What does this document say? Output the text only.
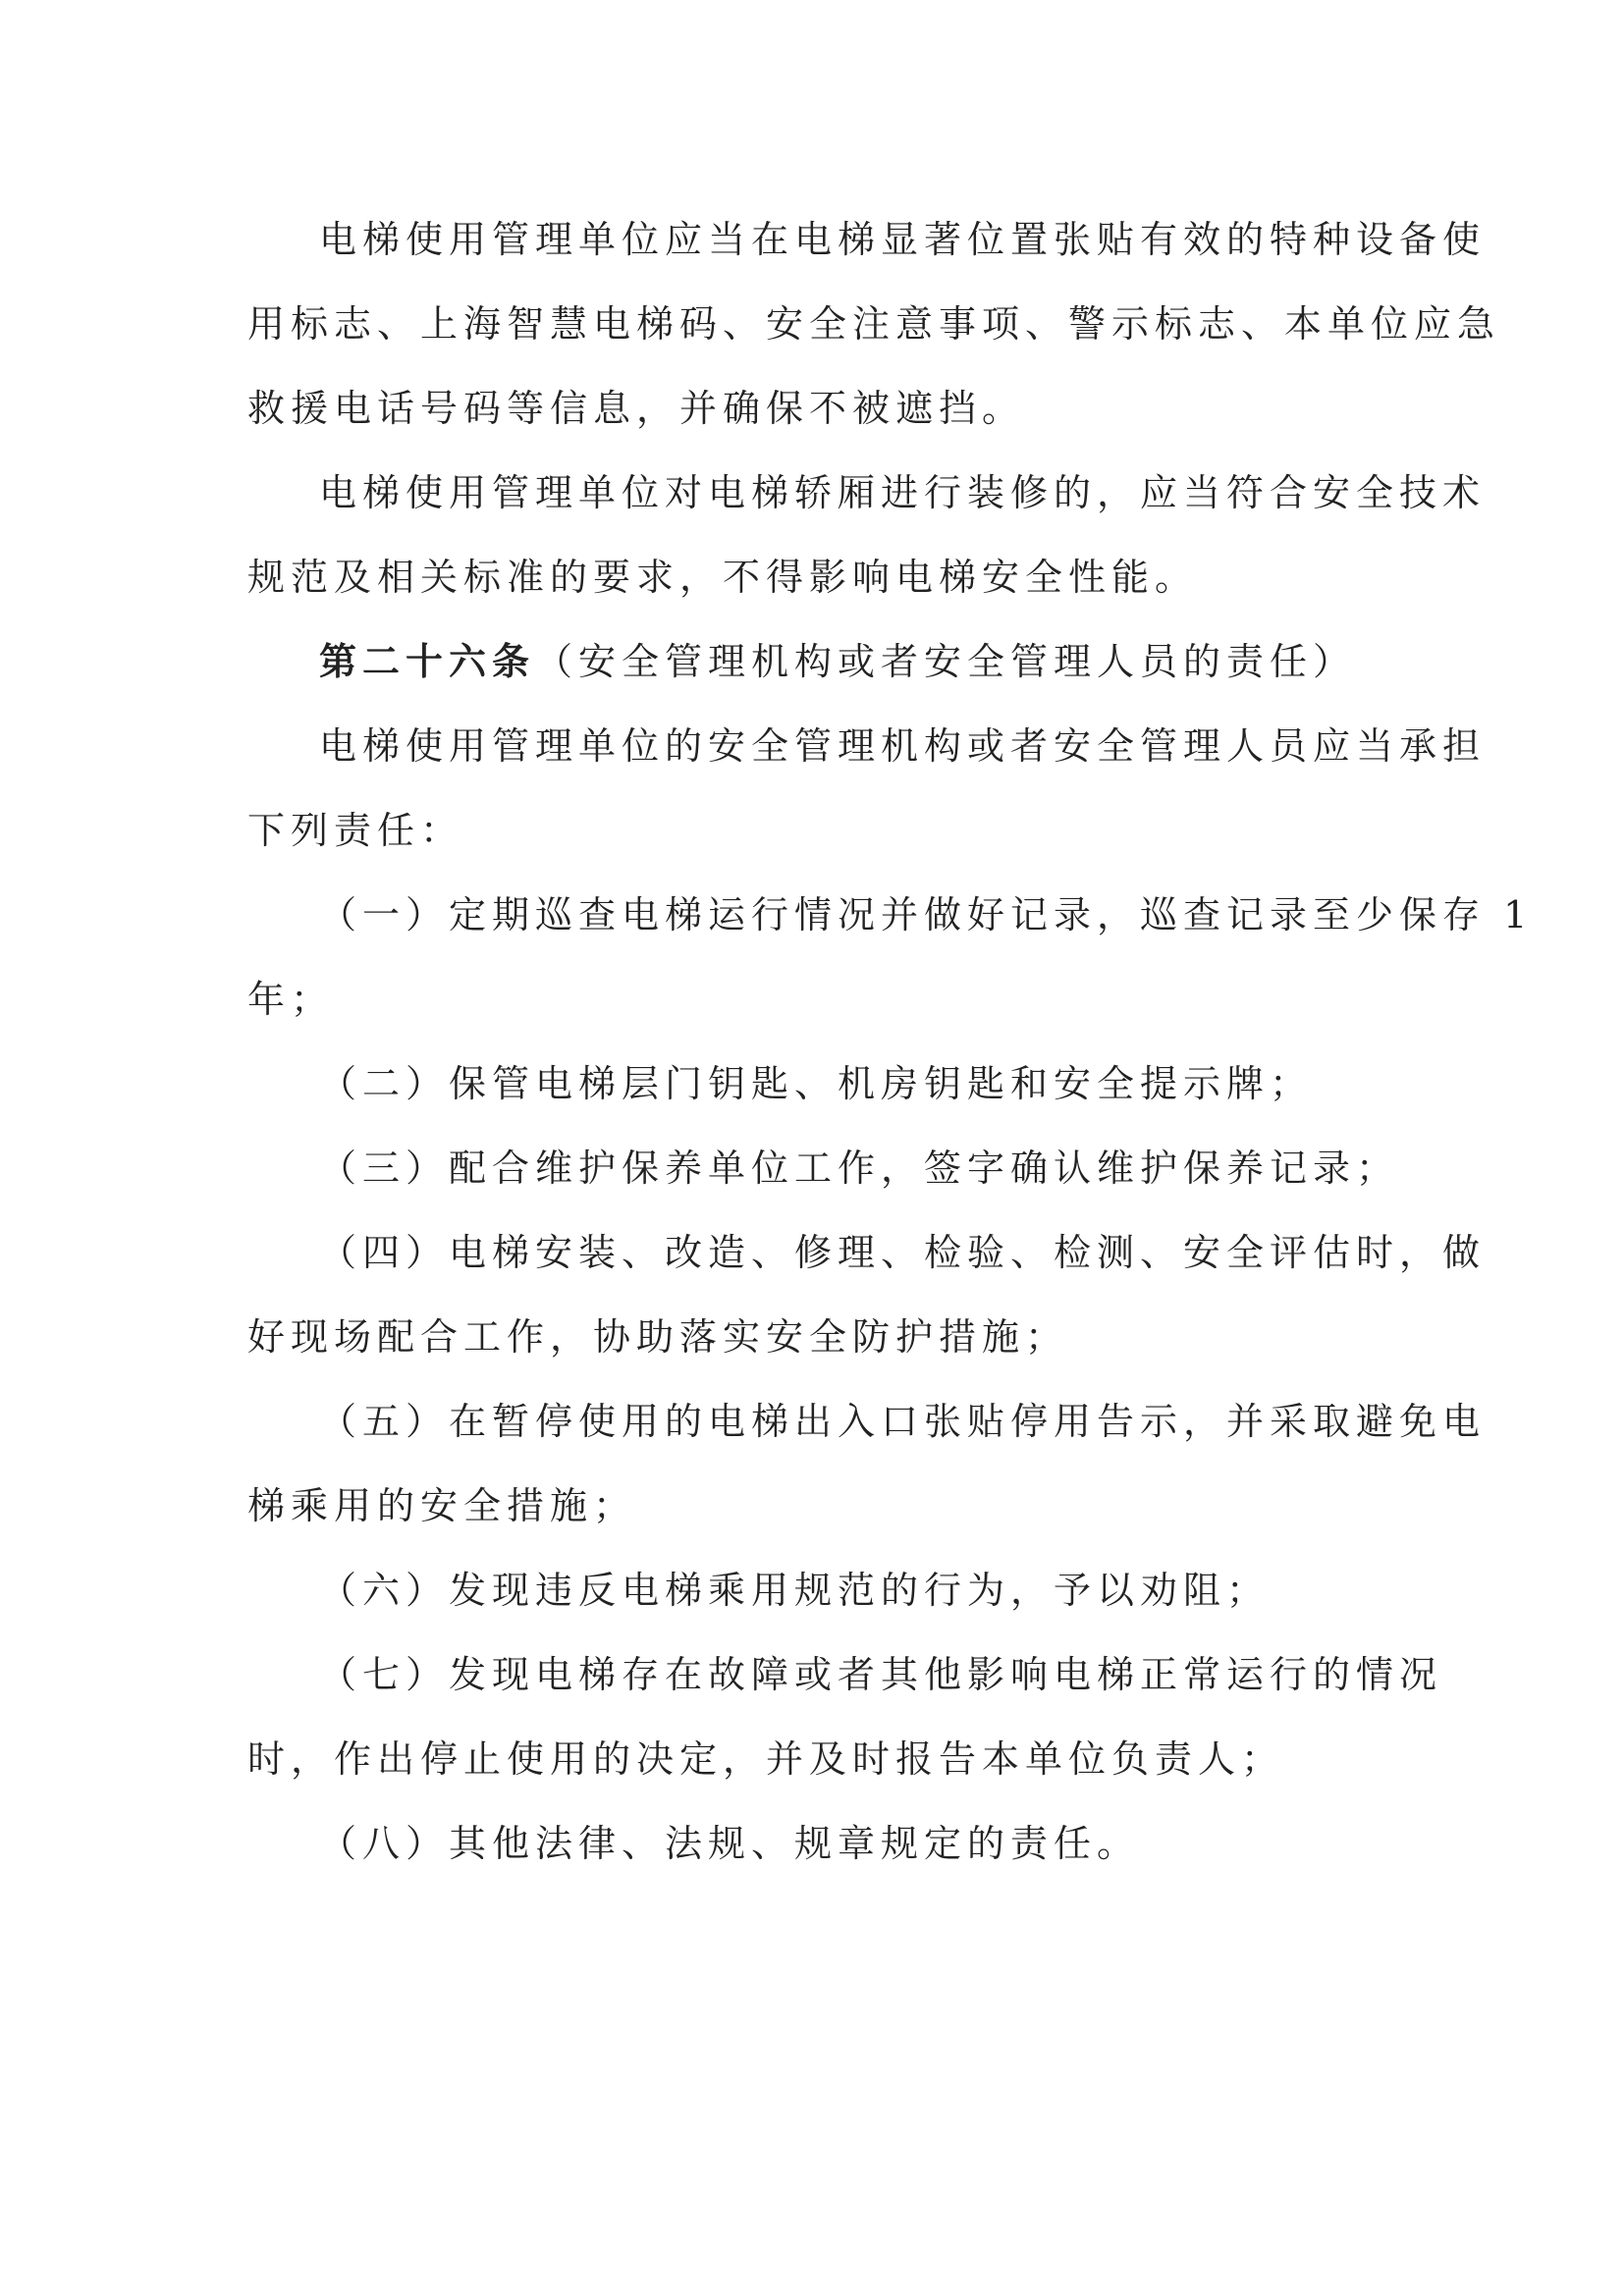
电梯使用管理单位应当在电梯显著位置张贴有效的特种设备使
用标志、上海智慧电梯码、安全注意事项、警示标志、本单位应急
救援电话号码等信息，并确保不被遮挡。
电梯使用管理单位对电梯轿厢进行装修的，应当符合安全技术
规范及相关标准的要求，不得影响电梯安全性能。
第二十六条（安全管理机构或者安全管理人员的责任）
电梯使用管理单位的安全管理机构或者安全管理人员应当承担
下列责任：
（一）定期巡查电梯运行情况并做好记录，巡查记录至少保存 1
年；
（二）保管电梯层门钥匙、机房钥匙和安全提示牌；
（三）配合维护保养单位工作，签字确认维护保养记录；
（四）电梯安装、改造、修理、检验、检测、安全评估时，做
好现场配合工作，协助落实安全防护措施；
（五）在暂停使用的电梯出入口张贴停用告示，并采取避免电
梯乘用的安全措施；
（六）发现违反电梯乘用规范的行为，予以劝阻；
（七）发现电梯存在故障或者其他影响电梯正常运行的情况
时，作出停止使用的决定，并及时报告本单位负责人；
（八）其他法律、法规、规章规定的责任。
